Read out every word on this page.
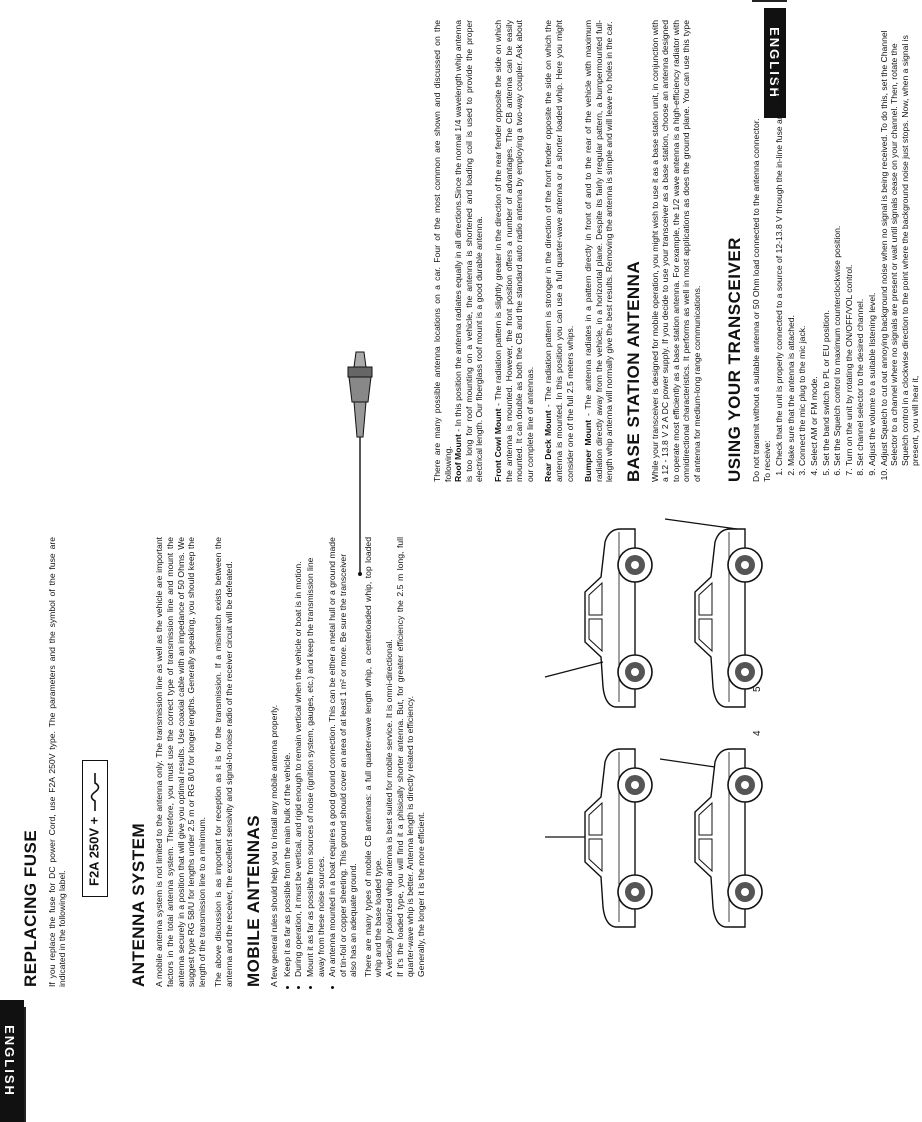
ENGLISH
ENGLISH
REPLACING FUSE If you replace the fuse for DC power Cord, use F2A 250V type. The parameters and the symbol of the fuse are indicated in the following label.

F2A 250V + ANTENNA SYSTEM A mobile antenna system is not limited to the antenna only. The transmission line as well as the vehicle are important factors in the total antenna system. Therefore, you must use the correct type of transmission line and mount the antenna securely in a position that will give you optimal results. Use coaxial cable with an impedance of 50 Ohms. We suggest type RG 58/U for lengths under 2.5 m or RG 8/U for longer lengths. Generally speaking, you should keep the length of the transmission line to a minimum. The above discussion is as important for reception as it is for the transmission. If a mismatch exists between the antenna and the receiver, the excellent sensivity and signal-to-noise radio of the receiver circuit will be defeated. MOBILE ANTENNAS A few general rules should help you to install any mobile antenna properly. • Keep it as far as possible from the main bulk of the vehicle. • During operation, it must be vertical, and rigid enough to remain vertical when the vehicle or boat is in motion. • Mount it as far as possible from sources of noise (ignition system, gauges, etc.) and keep the transmission line away from these noise sources. • An antenna mounted in a boat requires a good ground connection. This can be either a metal hull or a ground made of tin-foil or copper sheeting. This ground should cover an area of at least 1 m² or more. Be sure the transceiver also has an adequate ground. There are many types of mobile CB antennas: a full quarter-wave length whip, a centerloaded whip, top loaded whip and the base loaded type. A vertically polarized whip antenna is best suited for mobile service. It is omni-directional. If it's the loaded type, you will find it a phisically shorter antenna. But, for greater efficiency the 2.5 m long, full quarter-wave whip is better. Antenna length is directly related to efficiency. Generally, the longer it is the more efficient.

There are many possible antenna locations on a car. Four of the most common are shown and discussed on the following. Roof Mount - In this position the antenna radiates equally in all directions.Since the normal 1/4 wavelength whip antenna is too long for roof mounting on a vehicle, the antenna is shortened and loading coil is used to provide the proper electrical length. Our fiberglass roof mount is a good durable antenna. Front Cowl Mount - The radiation pattern is slightly greater in the direction of the rear fender opposite the side on which the antenna is mounted. However, the front position offers a number of advantages. The CB antenna can be easily mounted. It can double as both the CB and the standard auto radio antenna by employing a two-way coupler. Ask about our complete line of antennas. Rear Deck Mount - The radiation pattern is stronger in the direction of the front fender opposite the side on which the antenna is mounted. In this position you can use a full quarter-wave antenna or a shorter loaded whip. Here you might consider one of the full 2.5 meters whips. Bumper Mount - The antenna radiates in a pattern directly in front of and to the rear of the vehicle with maximum radiation directly away from the vehicle, in a horizontal plane. Despite its fairly irregular pattern, a bumpermounted full-length whip antenna will normally give the best results. Removing the antenna is simple and will leave no holes in the car. BASE STATION ANTENNA While your transceiver is designed for mobile operation, you might wish to use it as a base station unit, in conjunction with a 12 - 13.8 V 2 A DC power supply. If you decide to use your transceiver as a base station, choose an antenna designed to operate most efficiently as a base station antenna. For example, the 1/2 wave antenna is a high-efficiency radiator with omnidirectional characteristics. It performs as well in most applications as does the ground plane. You can use this type of antenna for medium-long range communications. USING YOUR TRANSCEIVER Do not transmit without a suitable antenna or 50 Ohm load connected to the antenna connector. To receive: 1. Check that the unit is properly connected to a source of 12-13.8 V through the in-line fuse and red wire. 2. Make sure that the antenna is attached. 3. Connect the mic plug to the mic jack. 4. Select AM or FM mode. 5. Set the band switch to PL or EU position. 6. Set the Squelch control to maximum counterclockwise position. 7. Turn on the unit by rotating the ON/OFF/VOL control. 8. Set channel selector to the desired channel. 9. Adjust the volume to a suitable listening level. 10. Adjust Squelch to cut out annoying background noise when no signal is being received. To do this, set the Channel Selector to a channel where no signals are present or wait until signals cease on your channel. Then, rotate the Squelch control in a clockwise direction to the point where the background noise just stops. Now, when a signal is present, you will hear it,
4
5
